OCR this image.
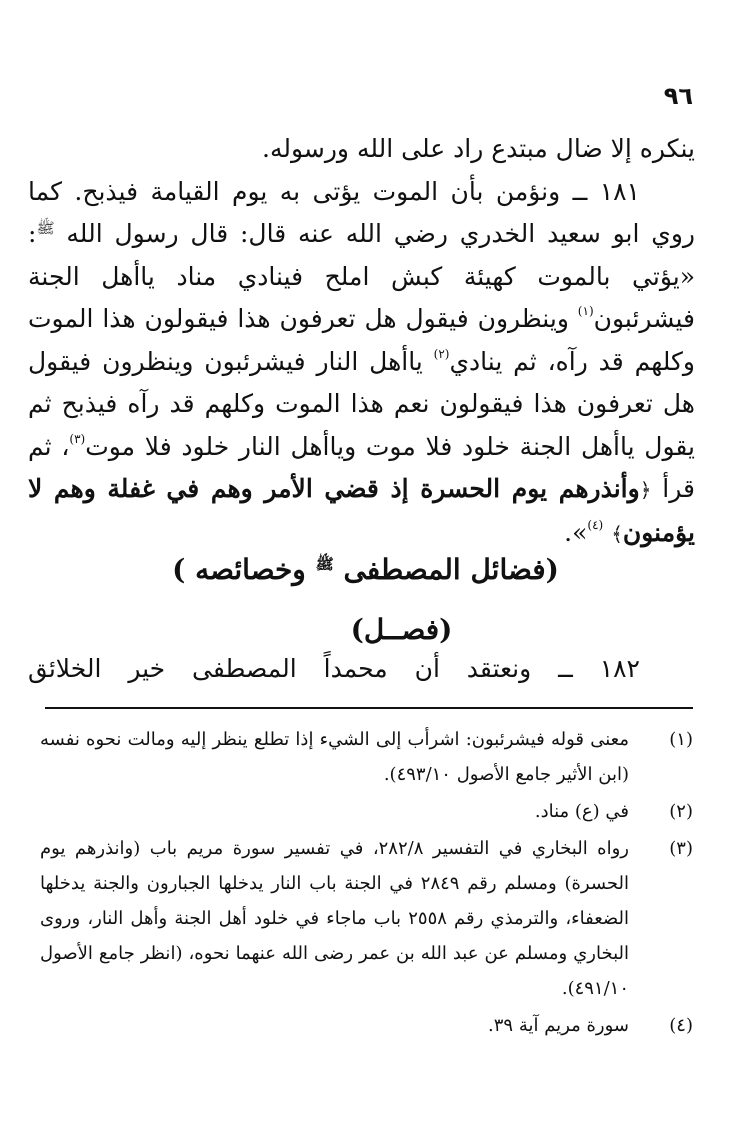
٩٦

ينكره إلا ضال مبتدع راد على الله ورسوله.

١٨١ ــ ونؤمن بأن الموت يؤتى به يوم القيامة فيذبح. كما روي ابو سعيد الخدري رضي الله عنه قال: قال رسول الله $^ﷺ$: «يؤتي بالموت كهيئة كبش املح فينادي مناد ياأهل الجنة فيشرئبون$^{(١)}$ وينظرون فيقول هل تعرفون هذا فيقولون هذا الموت وكلهم قد رآه، ثم ينادي$^{(٢)}$ ياأهل النار فيشرئبون وينظرون فيقول هل تعرفون هذا فيقولون نعم هذا الموت وكلهم قد رآه فيذبح ثم يقول ياأهل الجنة خلود فلا موت وياأهل النار خلود فلا موت$^{(٣)}$، ثم قرأ ﴿وأنذرهم يوم الحسرة إذ قضي الأمر وهم في غفلة وهم لا يؤمنون﴾ $^{(٤)}$».

(فضائل المصطفى $^ﷺ$ وخصائصه )
(فصــل)

١٨٢ ــ ونعتقد أن محمداً المصطفى خير الخلائق

(١)
معنى قوله فيشرئبون: اشرأب إلى الشيء إذا تطلع ينظر إليه ومالت نحوه نفسه (ابن الأثير جامع الأصول ٤٩٣/١٠).
(٢)
في (ع) مناد.
(٣)
رواه البخاري في التفسير ٢٨٢/٨، في تفسير سورة مريم باب (وانذرهم يوم الحسرة) ومسلم رقم ٢٨٤٩ في الجنة باب النار يدخلها الجبارون والجنة يدخلها الضعفاء، والترمذي رقم ٢٥٥٨ باب ماجاء في خلود أهل الجنة وأهل النار، وروى البخاري ومسلم عن عبد الله بن عمر رضى الله عنهما نحوه، (انظر جامع الأصول ٤٩١/١٠).
(٤)
سورة مريم آية ٣٩.
